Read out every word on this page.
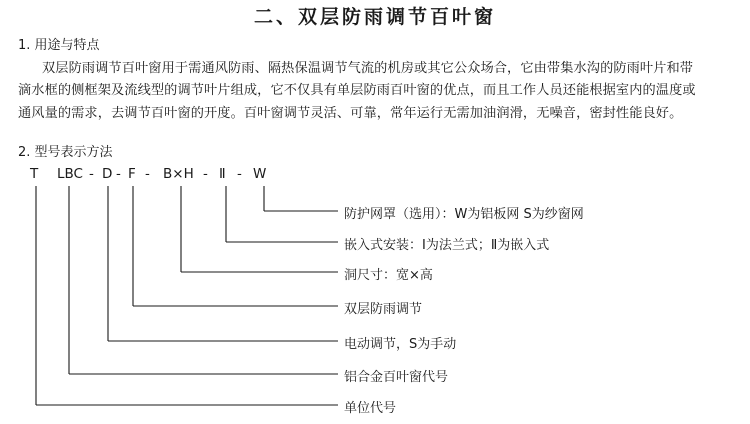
二、双层防雨调节百叶窗
1. 用途与特点
双层防雨调节百叶窗用于需通风防雨、隔热保温调节气流的机房或其它公众场合，它由带集水沟的防雨叶片和带
滴水框的侧框架及流线型的调节叶片组成，它不仅具有单层防雨百叶窗的优点，而且工作人员还能根据室内的温度或
通风量的需求，去调节百叶窗的开度。百叶窗调节灵活、可靠，常年运行无需加油润滑，无噪音，密封性能良好。
2. 型号表示方法
T LBC - D - F - B×H - Ⅱ - W
防护网罩（选用）：W为铝板网 S为纱窗网
嵌入式安装：Ⅰ为法兰式；Ⅱ为嵌入式
洞尺寸：宽×高
双层防雨调节
电动调节，S为手动
铝合金百叶窗代号
单位代号
